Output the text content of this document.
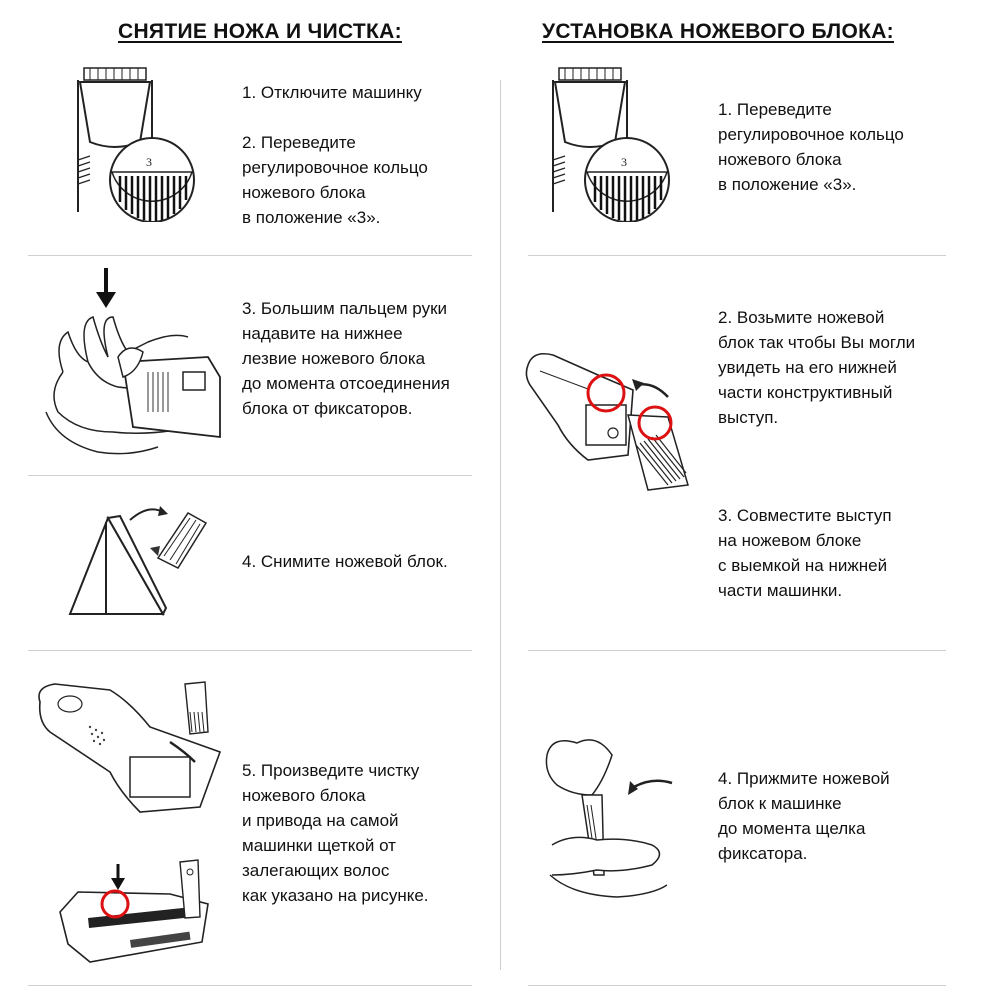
СНЯТИЕ НОЖА И ЧИСТКА:	УСТАНОВКА НОЖЕВОГО БЛОКА:
3
1. Отключите машинку

2. Переведите
регулировочное кольцо
ножевого блока
в положение «3».
3. Большим пальцем руки
надавите на нижнее
лезвие ножевого блока
до момента отсоединения
блока от фиксаторов.
4. Снимите ножевой блок.
5. Произведите чистку
ножевого блока
и привода на самой
машинки щеткой от
залегающих волос
как указано на рисунке.
3
1. Переведите
регулировочное кольцо
ножевого блока
в положение «3».
2. Возьмите ножевой
блок так чтобы Вы могли
увидеть на его нижней
части конструктивный
выступ.
3. Совместите выступ
на ножевом блоке
с выемкой на нижней
части машинки.
4. Прижмите ножевой
блок к машинке
до момента щелка
фиксатора.
